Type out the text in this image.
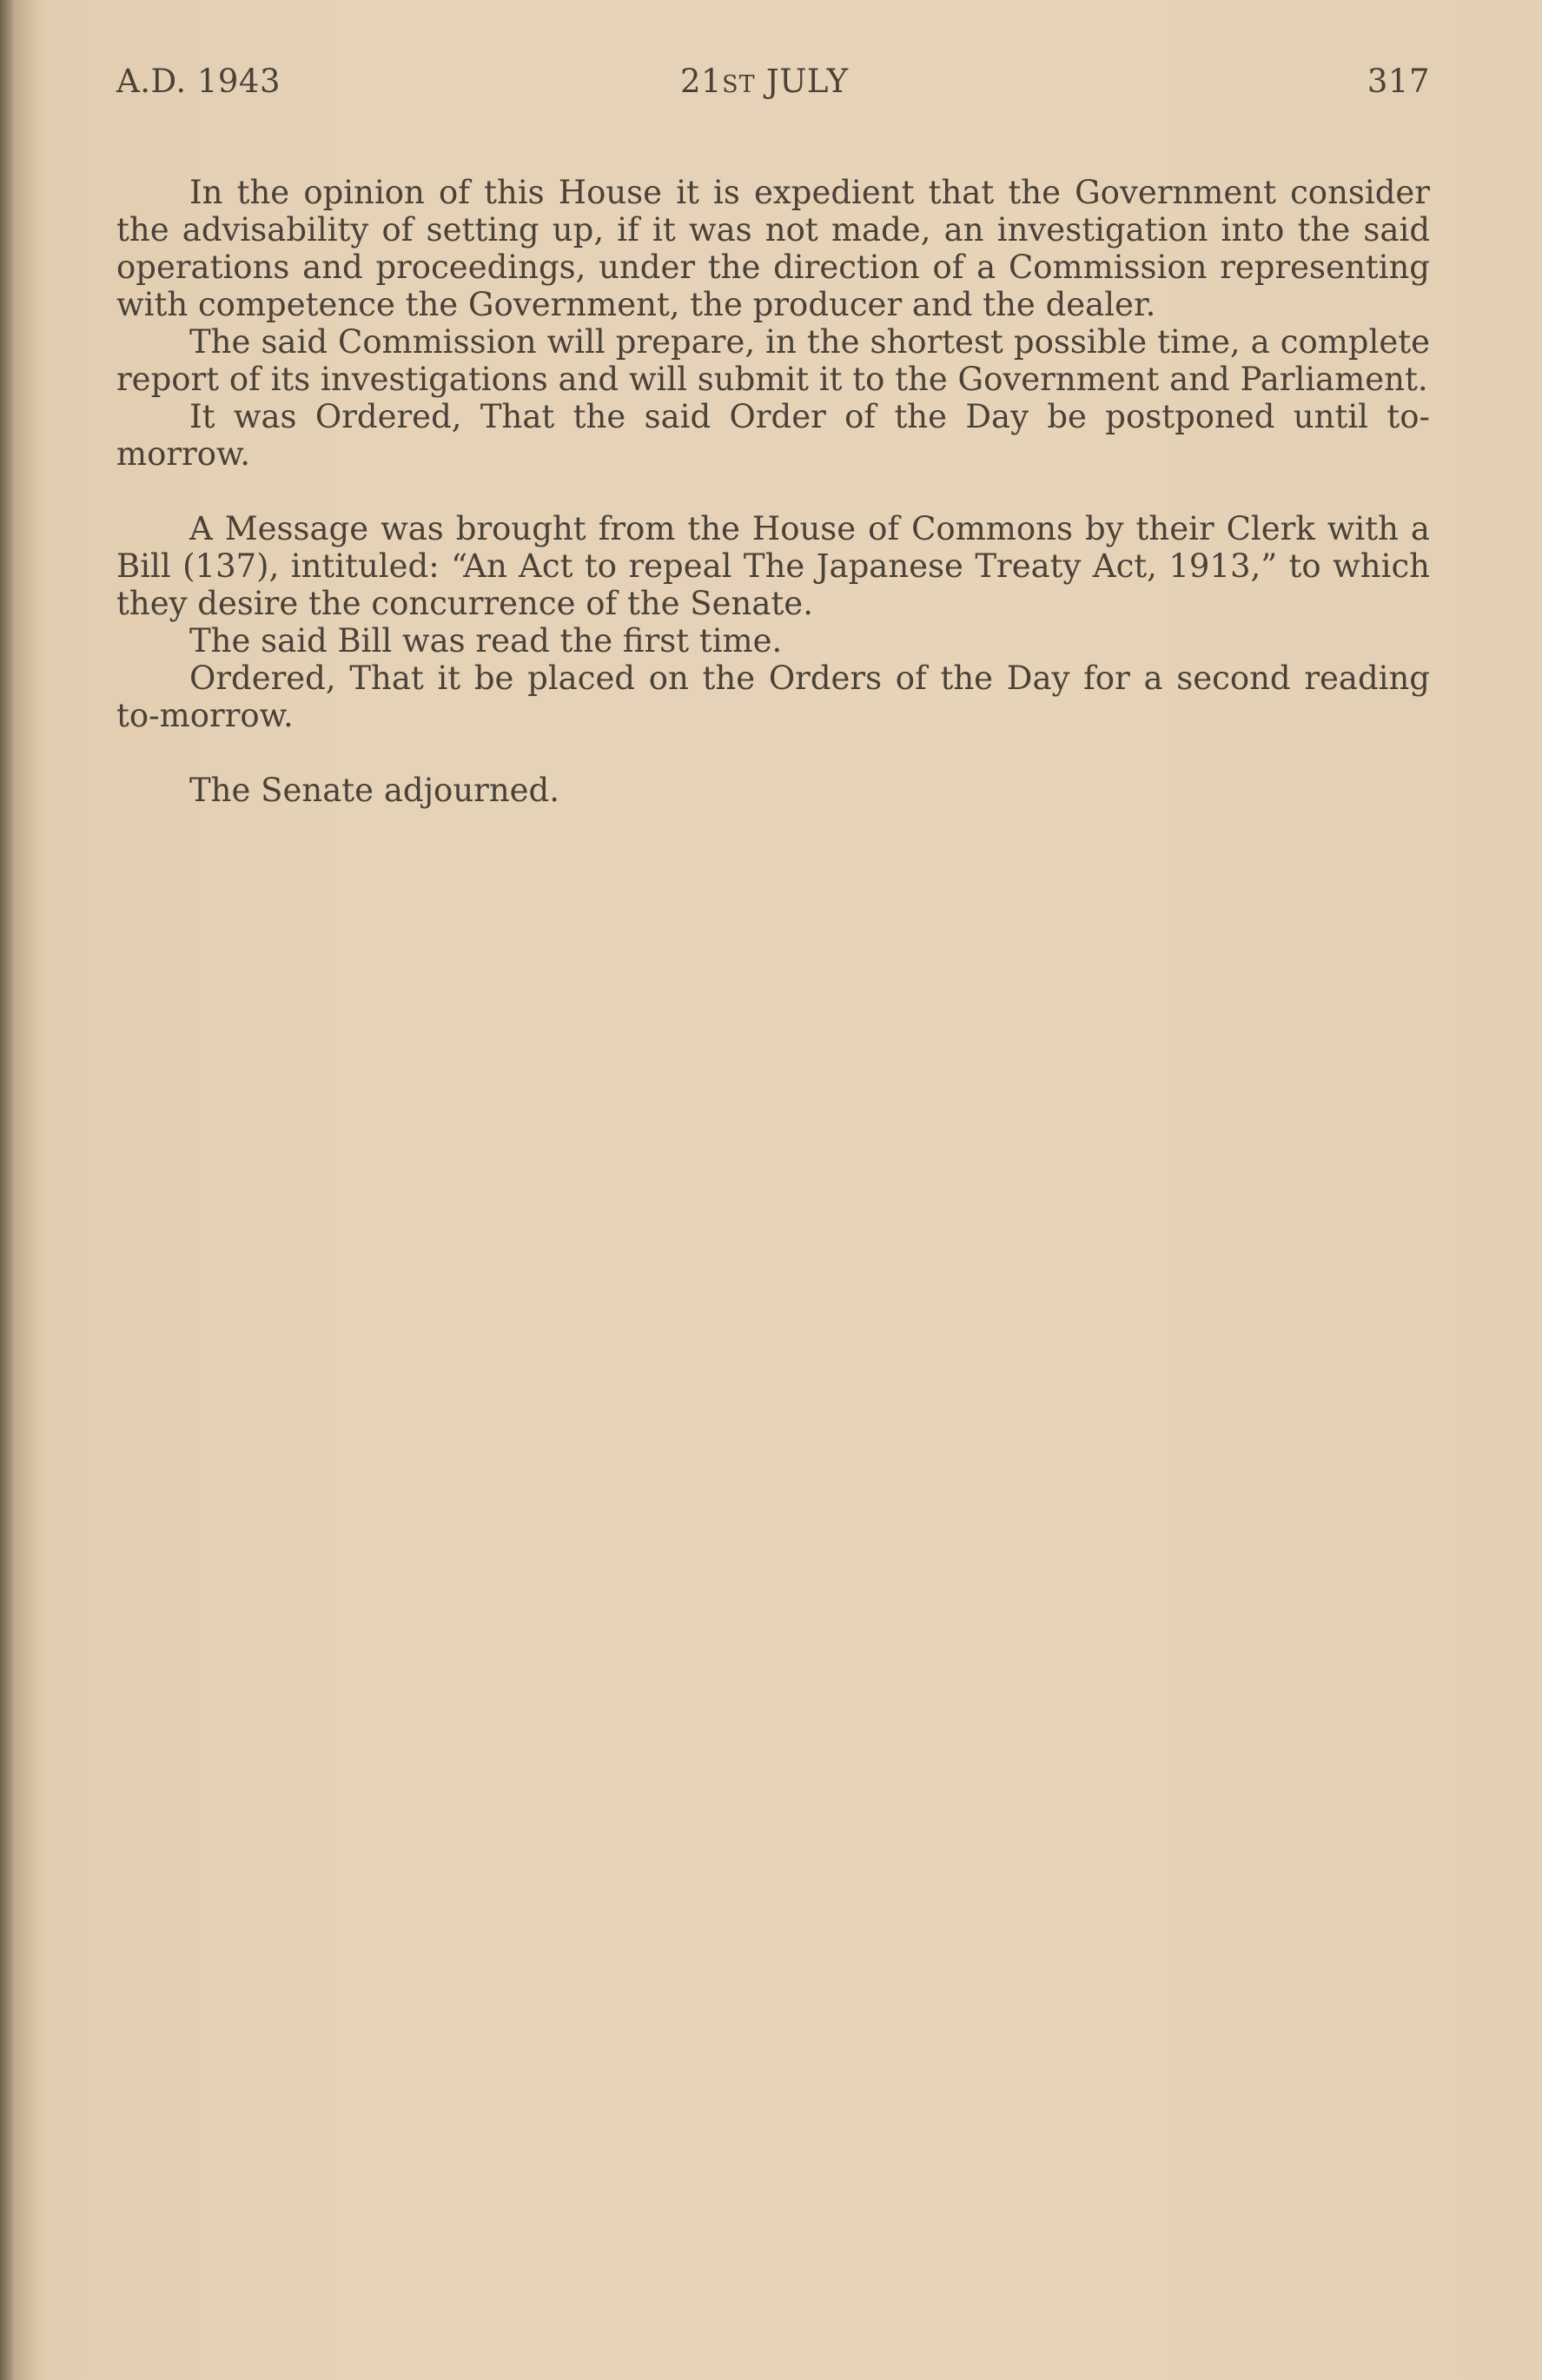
A.D. 1943	21ST JULY	317

In the opinion of this House it is expedient that the Government consider the advisability of setting up, if it was not made, an investigation into the said operations and proceedings, under the direction of a Commission representing with competence the Government, the producer and the dealer.

The said Commission will prepare, in the shortest possible time, a complete report of its investigations and will submit it to the Government and Parliament.

It was Ordered, That the said Order of the Day be postponed until to-morrow.

A Message was brought from the House of Commons by their Clerk with a Bill (137), intituled: “An Act to repeal The Japanese Treaty Act, 1913,” to which they desire the concurrence of the Senate.

The said Bill was read the first time.

Ordered, That it be placed on the Orders of the Day for a second reading to-morrow.

The Senate adjourned.
